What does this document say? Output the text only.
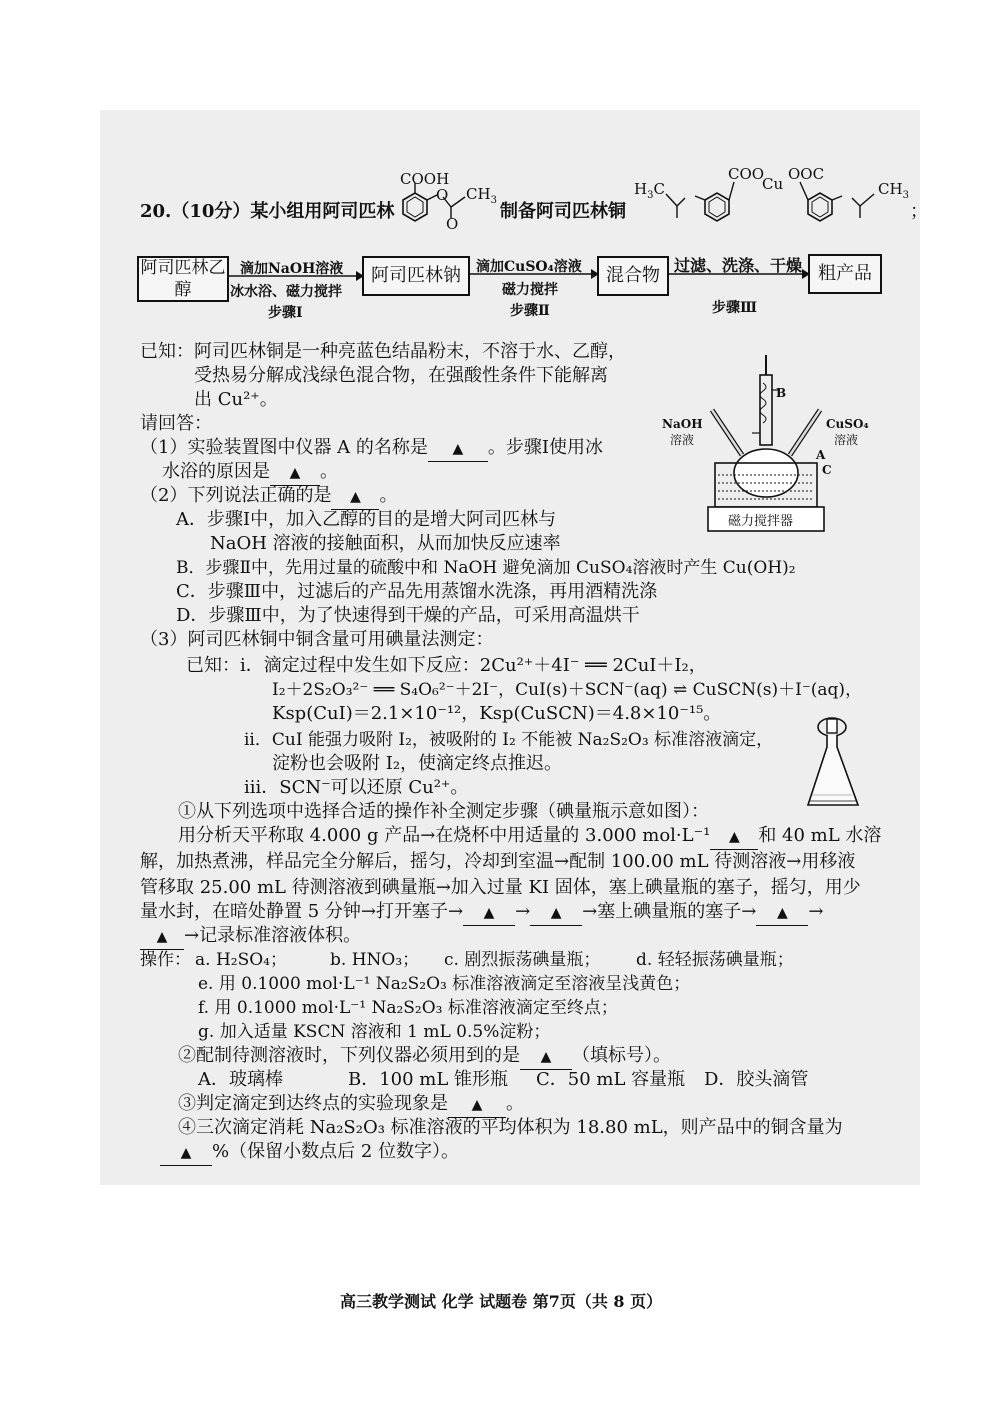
20.（10分）某小组用阿司匹林
COOH
O
O
$CH_3$
制备阿司匹林铜
$H_3C$
COO
Cu
OOC
$CH_3$
；
阿司匹林乙醇
阿司匹林钠	混合物	粗产品
滴加NaOH溶液
冰水浴、磁力搅拌
滴加CuSO₄溶液
磁力搅拌
过滤、洗涤、干燥
步骤Ⅰ	步骤Ⅱ	步骤Ⅲ
已知： 阿司匹林铜是一种亮蓝色结晶粉末，不溶于水、乙醇，
受热易分解成浅绿色混合物，在强酸性条件下能解离
出 Cu²⁺。
请回答：	NaOH
溶液
CuSO₄
溶液
B
A
C
磁力搅拌器
（1）实验装置图中仪器 A 的名称是 ▲ 。步骤Ⅰ使用冰
水浴的原因是 ▲ 。
（2）下列说法正确的是 ▲ 。
A．步骤Ⅰ中，加入乙醇的目的是增大阿司匹林与
NaOH 溶液的接触面积，从而加快反应速率
B．步骤Ⅱ中，先用过量的硫酸中和 NaOH 避免滴加 CuSO₄溶液时产生 Cu(OH)₂
C．步骤Ⅲ中，过滤后的产品先用蒸馏水洗涤，再用酒精洗涤
D．步骤Ⅲ中，为了快速得到干燥的产品，可采用高温烘干
（3）阿司匹林铜中铜含量可用碘量法测定：
已知：i．滴定过程中发生如下反应：2Cu²⁺＋4I⁻ ══ 2CuI＋I₂，
I₂＋2S₂O₃²⁻ ══ S₄O₆²⁻＋2I⁻，CuI(s)＋SCN⁻(aq) ⇌ CuSCN(s)＋I⁻(aq)，
Ksp(CuI)＝2.1×10⁻¹²，Ksp(CuSCN)＝4.8×10⁻¹⁵。
ii．CuI 能强力吸附 I₂，被吸附的 I₂ 不能被 Na₂S₂O₃ 标准溶液滴定，
淀粉也会吸附 I₂，使滴定终点推迟。
iii．SCN⁻可以还原 Cu²⁺。
①从下列选项中选择合适的操作补全测定步骤（碘量瓶示意如图）：
用分析天平称取 4.000 g 产品→在烧杯中用适量的 3.000 mol·L⁻¹ ▲ 和 40 mL 水溶
解，加热煮沸，样品完全分解后，摇匀，冷却到室温→配制 100.00 mL 待测溶液→用移液
管移取 25.00 mL 待测溶液到碘量瓶→加入过量 KI 固体，塞上碘量瓶的塞子，摇匀，用少
量水封，在暗处静置 5 分钟→打开塞子→ ▲ → ▲ →塞上碘量瓶的塞子→ ▲ →
▲ →记录标准溶液体积。
操作： a. H₂SO₄；	b. HNO₃； c. 剧烈振荡碘量瓶； d. 轻轻振荡碘量瓶；
e. 用 0.1000 mol·L⁻¹ Na₂S₂O₃ 标准溶液滴定至溶液呈浅黄色；
f. 用 0.1000 mol·L⁻¹ Na₂S₂O₃ 标准溶液滴定至终点；
g. 加入适量 KSCN 溶液和 1 mL 0.5%淀粉；
②配制待测溶液时，下列仪器必须用到的是 ▲ （填标号）。
A．玻璃棒	B．100 mL 锥形瓶 C．50 mL 容量瓶 D．胶头滴管
③判定滴定到达终点的实验现象是 ▲ 。
④三次滴定消耗 Na₂S₂O₃ 标准溶液的平均体积为 18.80 mL，则产品中的铜含量为
▲ %（保留小数点后 2 位数字）。
高三教学测试 化学 试题卷 第7页（共 8 页）
